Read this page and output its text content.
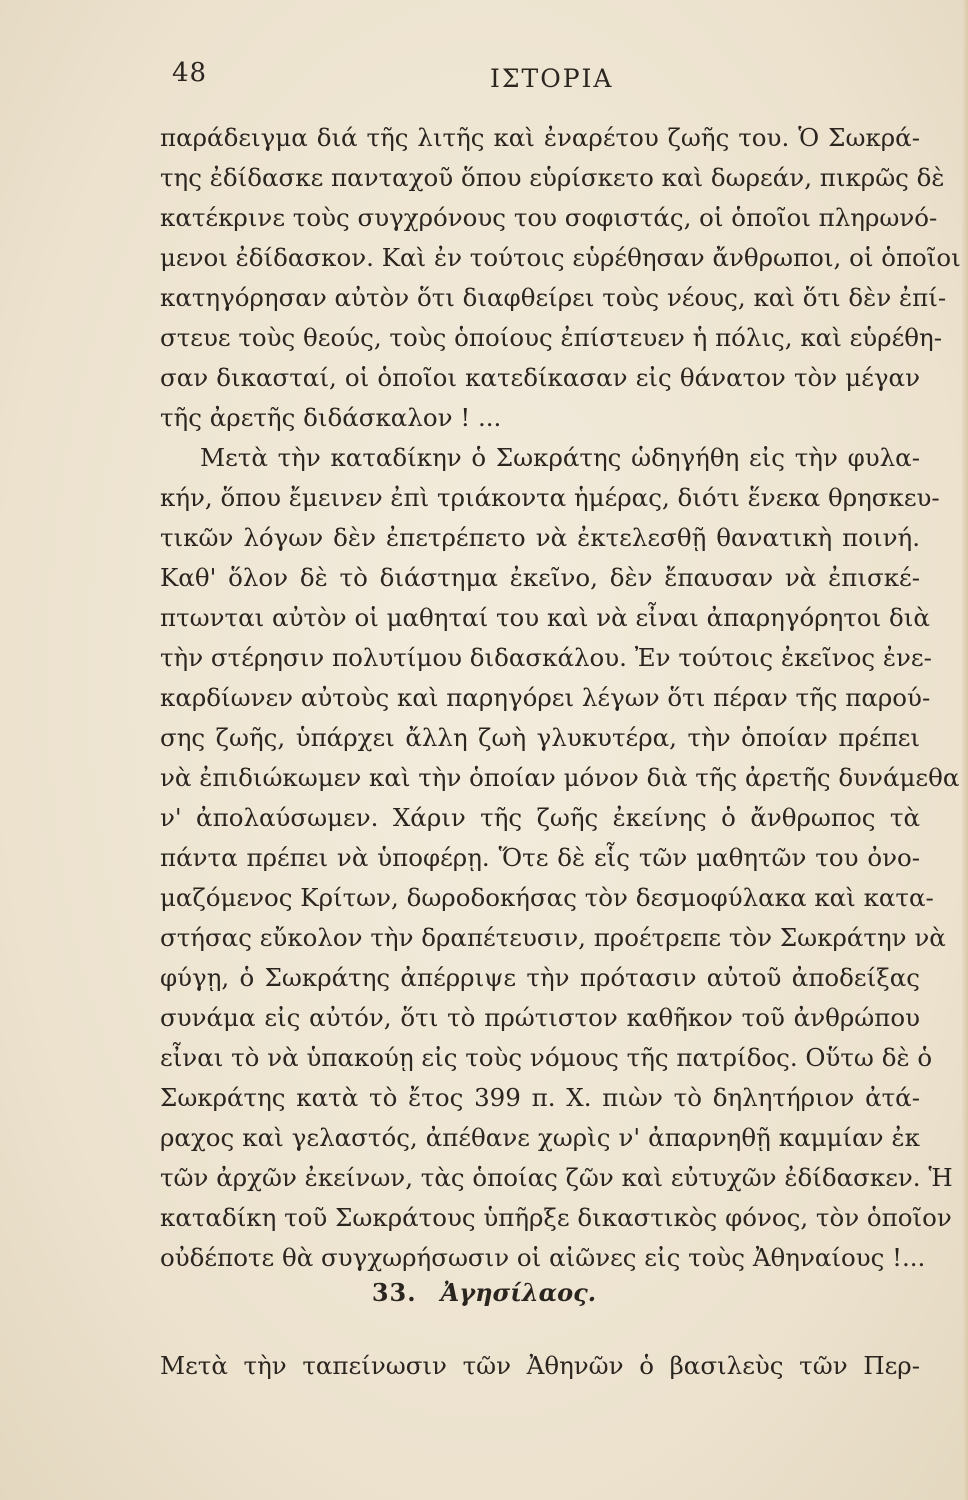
48	ΙΣΤΟΡΙΑ
παράδειγμα διά τῆς λιτῆς καὶ ἐναρέτου ζωῆς του. Ὁ Σωκρά-
της ἐδίδασκε πανταχοῦ ὅπου εὑρίσκετο καὶ δωρεάν, πικρῶς δὲ
κατέκρινε τοὺς συγχρόνους του σοφιστάς, οἱ ὁποῖοι πληρωνό-
μενοι ἐδίδασκον. Καὶ ἐν τούτοις εὑρέθησαν ἄνθρωποι, οἱ ὁποῖοι
κατηγόρησαν αὐτὸν ὅτι διαφθείρει τοὺς νέους, καὶ ὅτι δὲν ἐπί-
στευε τοὺς θεούς, τοὺς ὁποίους ἐπίστευεν ἡ πόλις, καὶ εὑρέθη-
σαν δικασταί, οἱ ὁποῖοι κατεδίκασαν εἰς θάνατον τὸν μέγαν
τῆς ἀρετῆς διδάσκαλον ! ...
Μετὰ τὴν καταδίκην ὁ Σωκράτης ὡδηγήθη εἰς τὴν φυλα-
κήν, ὅπου ἔμεινεν ἐπὶ τριάκοντα ἡμέρας, διότι ἕνεκα θρησκευ-
τικῶν λόγων δὲν ἐπετρέπετο νὰ ἐκτελεσθῇ θανατικὴ ποινή.
Καθ' ὅλον δὲ τὸ διάστημα ἐκεῖνο, δὲν ἔπαυσαν νὰ ἐπισκέ-
πτωνται αὐτὸν οἱ μαθηταί του καὶ νὰ εἶναι ἀπαρηγόρητοι διὰ
τὴν στέρησιν πολυτίμου διδασκάλου. Ἐν τούτοις ἐκεῖνος ἐνε-
καρδίωνεν αὐτοὺς καὶ παρηγόρει λέγων ὅτι πέραν τῆς παρού-
σης ζωῆς, ὑπάρχει ἄλλη ζωὴ γλυκυτέρα, τὴν ὁποίαν πρέπει
νὰ ἐπιδιώκωμεν καὶ τὴν ὁποίαν μόνον διὰ τῆς ἀρετῆς δυνάμεθα
ν' ἀπολαύσωμεν. Χάριν τῆς ζωῆς ἐκείνης ὁ ἄνθρωπος τὰ
πάντα πρέπει νὰ ὑποφέρῃ. Ὅτε δὲ εἷς τῶν μαθητῶν του ὀνο-
μαζόμενος Κρίτων, δωροδοκήσας τὸν δεσμοφύλακα καὶ κατα-
στήσας εὔκολον τὴν δραπέτευσιν, προέτρεπε τὸν Σωκράτην νὰ
φύγῃ, ὁ Σωκράτης ἀπέρριψε τὴν πρότασιν αὐτοῦ ἀποδείξας
συνάμα εἰς αὐτόν, ὅτι τὸ πρώτιστον καθῆκον τοῦ ἀνθρώπου
εἶναι τὸ νὰ ὑπακούῃ εἰς τοὺς νόμους τῆς πατρίδος. Οὕτω δὲ ὁ
Σωκράτης κατὰ τὸ ἔτος 399 π. Χ. πιὼν τὸ δηλητήριον ἀτά-
ραχος καὶ γελαστός, ἀπέθανε χωρὶς ν' ἀπαρνηθῇ καμμίαν ἐκ
τῶν ἀρχῶν ἐκείνων, τὰς ὁποίας ζῶν καὶ εὐτυχῶν ἐδίδασκεν. Ἡ
καταδίκη τοῦ Σωκράτους ὑπῆρξε δικαστικὸς φόνος, τὸν ὁποῖον
οὐδέποτε θὰ συγχωρήσωσιν οἱ αἰῶνες εἰς τοὺς Ἀθηναίους !...
33. Ἀγησίλαος.
Μετὰ τὴν ταπείνωσιν τῶν Ἀθηνῶν ὁ βασιλεὺς τῶν Περ-
